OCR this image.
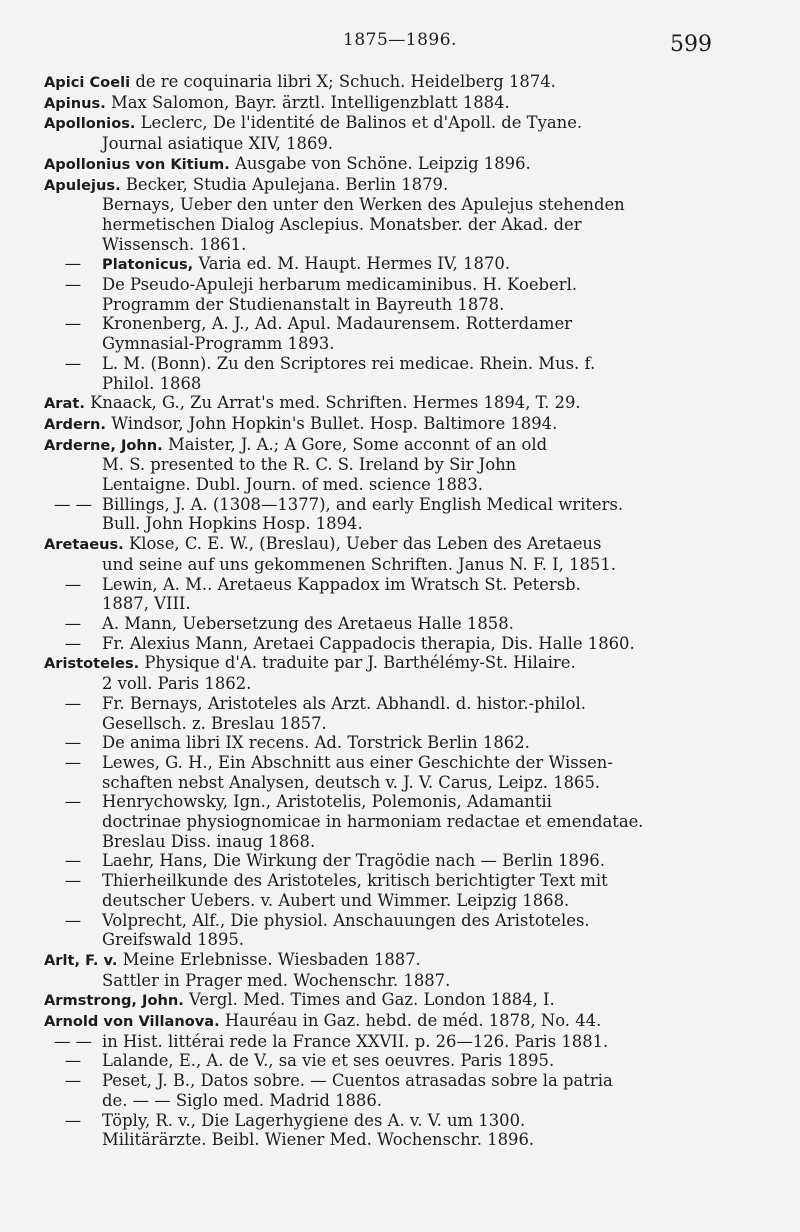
1875—1896.	599
Apici Coeli de re coquinaria libri X; Schuch. Heidelberg 1874.
Apinus. Max Salomon, Bayr. ärztl. Intelligenzblatt 1884.
Apollonios. Leclerc, De l'identité de Balinos et d'Apoll. de Tyane.
Journal asiatique XIV, 1869.
Apollonius von Kitium. Ausgabe von Schöne. Leipzig 1896.
Apulejus. Becker, Studia Apulejana. Berlin 1879.
Bernays, Ueber den unter den Werken des Apulejus stehenden
hermetischen Dialog Asclepius. Monatsber. der Akad. der
Wissensch. 1861.
— Platonicus, Varia ed. M. Haupt. Hermes IV, 1870.
— De Pseudo-Apuleji herbarum medicaminibus. H. Koeberl.
Programm der Studienanstalt in Bayreuth 1878.
— Kronenberg, A. J., Ad. Apul. Madaurensem. Rotterdamer
Gymnasial-Programm 1893.
— L. M. (Bonn). Zu den Scriptores rei medicae. Rhein. Mus. f.
Philol. 1868
Arat. Knaack, G., Zu Arrat's med. Schriften. Hermes 1894, T. 29.
Ardern. Windsor, John Hopkin's Bullet. Hosp. Baltimore 1894.
Arderne, John. Maister, J. A.; A Gore, Some acconnt of an old
M. S. presented to the R. C. S. Ireland by Sir John
Lentaigne. Dubl. Journ. of med. science 1883.
— — Billings, J. A. (1308—1377), and early English Medical writers.
Bull. John Hopkins Hosp. 1894.
Aretaeus. Klose, C. E. W., (Breslau), Ueber das Leben des Aretaeus
und seine auf uns gekommenen Schriften. Janus N. F. I, 1851.
— Lewin, A. M.. Aretaeus Kappadox im Wratsch St. Petersb.
1887, VIII.
— A. Mann, Uebersetzung des Aretaeus Halle 1858.
— Fr. Alexius Mann, Aretaei Cappadocis therapia, Dis. Halle 1860.
Aristoteles. Physique d'A. traduite par J. Barthélémy-St. Hilaire.
2 voll. Paris 1862.
— Fr. Bernays, Aristoteles als Arzt. Abhandl. d. histor.-philol.
Gesellsch. z. Breslau 1857.
— De anima libri IX recens. Ad. Torstrick Berlin 1862.
— Lewes, G. H., Ein Abschnitt aus einer Geschichte der Wissen-
schaften nebst Analysen, deutsch v. J. V. Carus, Leipz. 1865.
— Henrychowsky, Ign., Aristotelis, Polemonis, Adamantii
doctrinae physiognomicae in harmoniam redactae et emendatae.
Breslau Diss. inaug 1868.
— Laehr, Hans, Die Wirkung der Tragödie nach — Berlin 1896.
— Thierheilkunde des Aristoteles, kritisch berichtigter Text mit
deutscher Uebers. v. Aubert und Wimmer. Leipzig 1868.
— Volprecht, Alf., Die physiol. Anschauungen des Aristoteles.
Greifswald 1895.
Arlt, F. v. Meine Erlebnisse. Wiesbaden 1887.
Sattler in Prager med. Wochenschr. 1887.
Armstrong, John. Vergl. Med. Times and Gaz. London 1884, I.
Arnold von Villanova. Hauréau in Gaz. hebd. de méd. 1878, No. 44.
— — in Hist. littérai rede la France XXVII. p. 26—126. Paris 1881.
— Lalande, E., A. de V., sa vie et ses oeuvres. Paris 1895.
— Peset, J. B., Datos sobre. — Cuentos atrasadas sobre la patria
de. — — Siglo med. Madrid 1886.
— Töply, R. v., Die Lagerhygiene des A. v. V. um 1300.
Militärärzte. Beibl. Wiener Med. Wochenschr. 1896.
